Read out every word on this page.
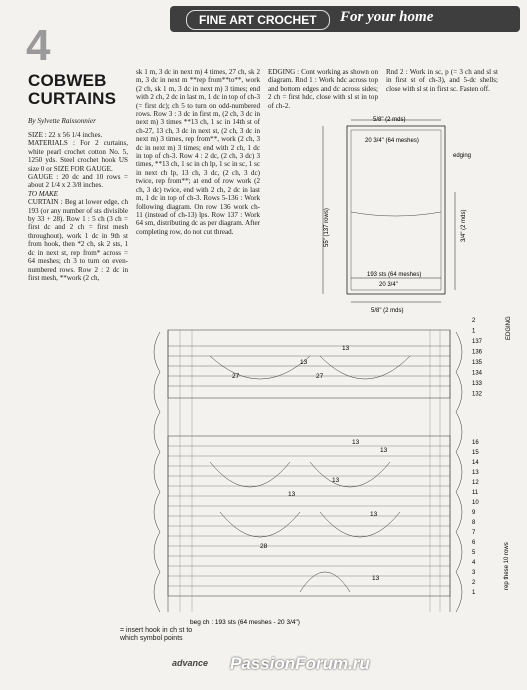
FINE ART CROCHET	For your home
4
COBWEB
CURTAINS
By Sylvette Raissonnier
SIZE : 22 x 56 1/4 inches.
MATERIALS : For 2 curtains, white pearl crochet cotton No. 5, 1250 yds. Steel crochet hook US size 0 or SIZE FOR GAUGE.
GAUGE : 20 dc and 10 rows = about 2 1/4 x 2 3/8 inches.
TO MAKE
CURTAIN : Beg at lower edge, ch 193 (or any number of sts divisible by 33 + 28). Row 1 : 5 ch (3 ch = first dc and 2 ch = first mesh throughout), work 1 dc in 9th st from hook, then *2 ch, sk 2 sts, 1 dc in next st, rep from* across = 64 meshes; ch 3 to turn on even-numbered rows. Row 2 : 2 dc in first mesh, **work (2 ch,
sk 1 m, 3 dc in next m) 4 times, 27 ch, sk 2 m, 3 dc in next m **rep from**to**, work (2 ch, sk 1 m, 3 dc in next m) 3 times; end with 2 ch, 2 dc in last m, 1 dc in top of ch-3 (= first dc); ch 5 to turn on odd-numbered rows. Row 3 : 3 dc in first m, (2 ch, 3 dc in next m) 3 times **13 ch, 1 sc in 14th st of ch-27, 13 ch, 3 dc in next st, (2 ch, 3 dc in next m) 3 times, rep from**, work (2 ch, 3 dc in next m) 3 times; end with 2 ch, 1 dc in top of ch-3. Row 4 : 2 dc, (2 ch, 3 dc) 3 times, **13 ch, 1 sc in ch lp, 1 sc in sc, 1 sc in next ch lp, 13 ch, 3 dc, (2 ch, 3 dc) twice, rep from**; at end of row work (2 ch, 3 dc) twice, end with 2 ch, 2 dc in last m, 1 dc in top of ch-3. Rows 5-136 : Work following diagram. On row 136 work ch-11 (instead of ch-13) lps. Row 137 : Work 64 sm, distributing dc as per diagram. After completing row, do not cut thread.
EDGING : Cont working as shown on diagram. Rnd 1 : Work hdc across top and bottom edges and dc across sides; 2 ch = first hdc, close with sl st in top of ch-2.
Rnd 2 : Work in sc, p (= 3 ch and sl st in first st of ch-3), and 5-dc shells; close with sl st in first sc. Fasten off.
5/8" (2 mds)
20 3/4" (64 meshes)
edging
55" (137 rows)	3/4" (2 mds)
193 sts (64 meshes)
20 3/4"
5/8" (2 mds)
2
1
137
136
135
134
133
132
16
15
14
13
12
11
10
9
8
7
6
5
4
3
2
1
13
13
27
27
13
13
13
13
13
28
13
EDGING
rep these 10 rows
beg ch : 193 sts (64 meshes - 20 3/4")
= insert hook in ch st to
which symbol points
advance PassionForum.ru
